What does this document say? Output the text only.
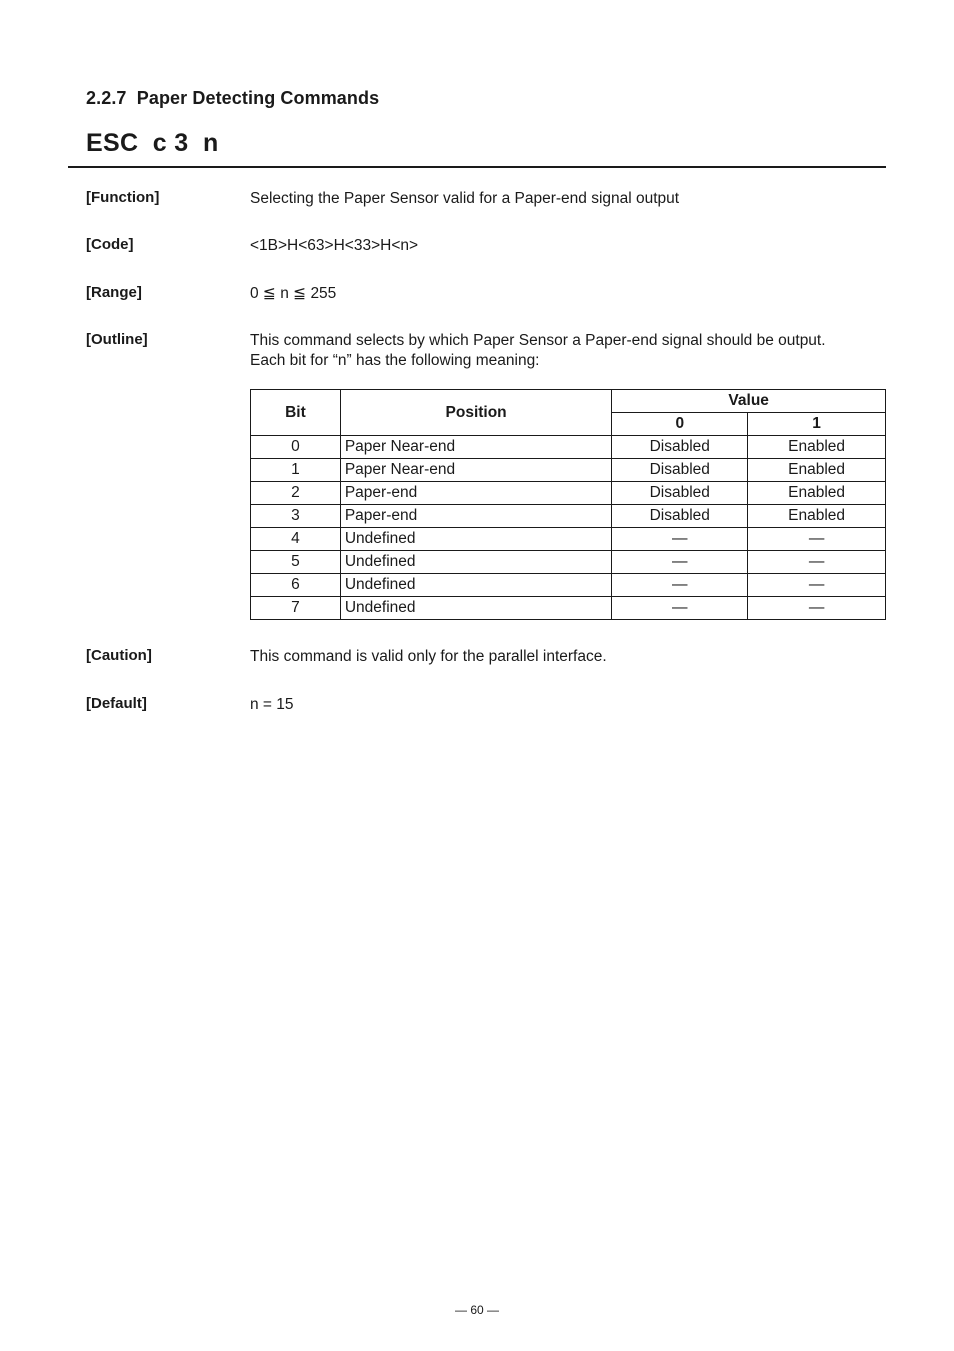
2.2.7 Paper Detecting Commands
ESC  c 3  n
[Function]	Selecting the Paper Sensor valid for a Paper-end signal output
[Code]	<1B>H<63>H<33>H<n>
[Range]	0 ≦ n ≦ 255
[Outline]	This command selects by which Paper Sensor a Paper-end signal should be output.
Each bit for “n” has the following meaning:
Bit	Position	Value	
		0	1
0	Paper Near-end	Disabled	Enabled
1	Paper Near-end	Disabled	Enabled
2	Paper-end	Disabled	Enabled
3	Paper-end	Disabled	Enabled
4	Undefined	—	—
5	Undefined	—	—
6	Undefined	—	—
7	Undefined	—	—
[Caution]	This command is valid only for the parallel interface.
[Default]	n = 15
— 60 —
